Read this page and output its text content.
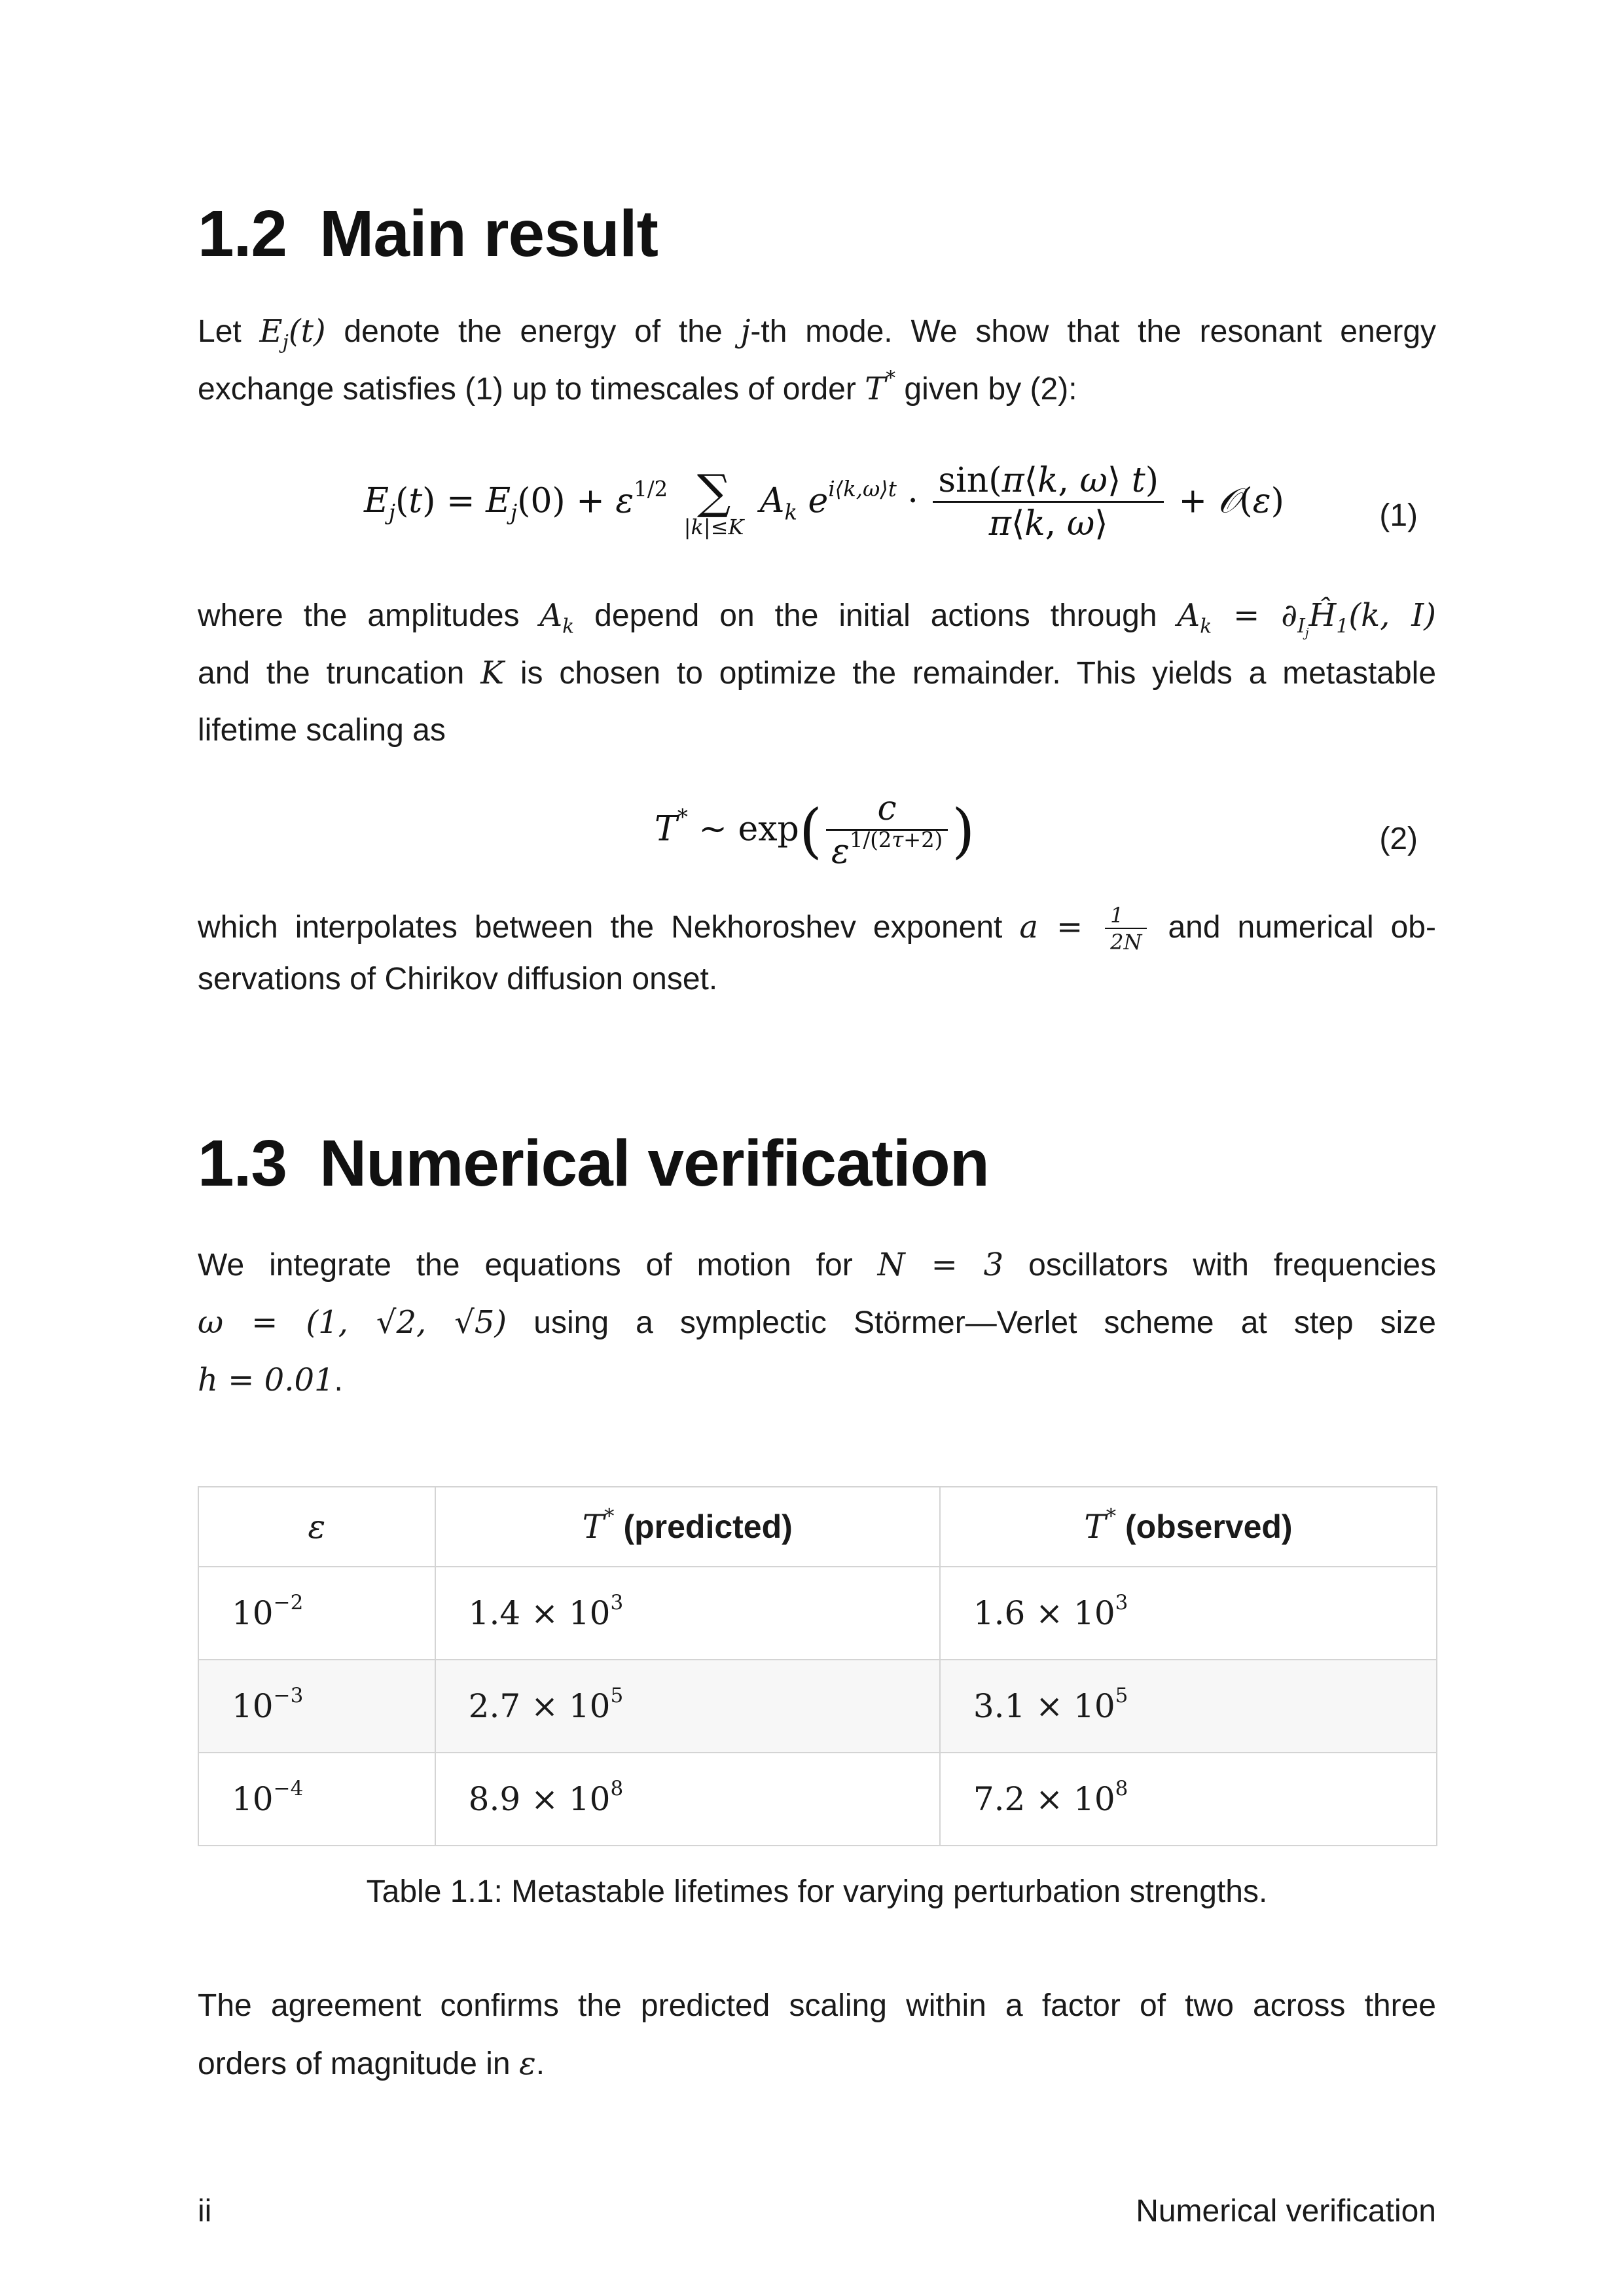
1.2 Main result
Let $E_j(t)$ denote the energy of the j-th mode. We show that the resonant energy
exchange satisfies (1) up to timescales of order T* given by (2):
$E_j(t) = E_j(0) + \varepsilon^{1/2}$ ∑
|k|≤K
$A_k$ $e^{i⟨k,\omega⟩t} \cdot \frac{\sin(\pi⟨k, \omega⟩ t)}{\pi⟨k, \omega⟩}$ + 𝒪(ε)	(1)
where the amplitudes $A_k$ depend on the initial actions through $A_k$ = $\partial_{I_j}Ĥ_1(k$, I)
and the truncation K is chosen to optimize the remainder. This yields a metastable
lifetime scaling as
T* ∼ $\exp( \frac{c}{\varepsilon^{1/(2\tau+2)}}$ )	(2)
which interpolates between the Nekhoroshev exponent $a = \frac{1}{2N}$ and numerical ob-
servations of Chirikov diffusion onset.
1.3 Numerical verification
We integrate the equations of motion for N = 3 oscillators with frequencies
ω = (1, √2, √5) using a symplectic Störmer—Verlet scheme at step size
h = 0.01.
ε	T* (predicted)	T* (observed)
$10^{-2}$	$1.4 \times 10^3$	$1.6 \times 10^3$
$10^{-3}$	$2.7 \times 10^5$	$3.1 \times 10^5$
$10^{-4}$	$8.9 \times 10^8$	$7.2 \times 10^8$
Table 1.1: Metastable lifetimes for varying perturbation strengths.
The agreement confirms the predicted scaling within a factor of two across three
orders of magnitude in ε.
ii	Numerical verification
